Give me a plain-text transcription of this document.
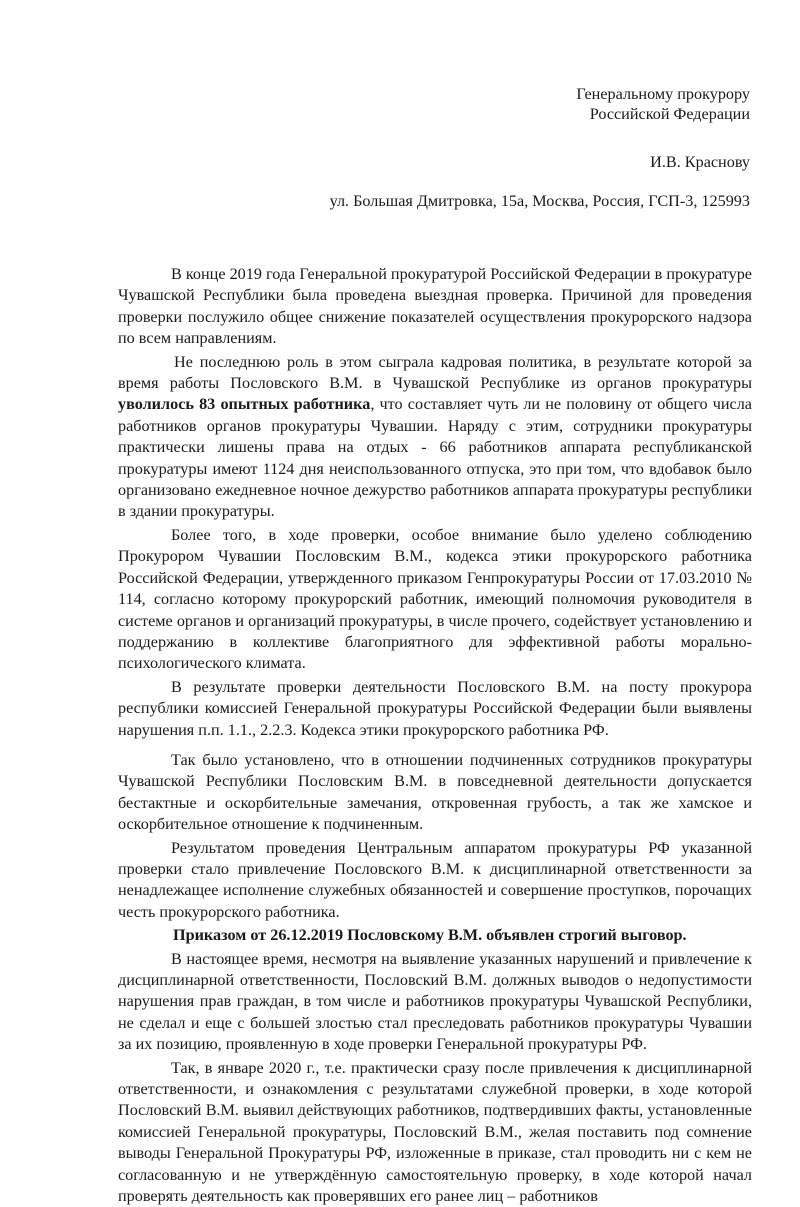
Генеральному прокурору
Российской Федерации
И.В. Краснову
ул. Большая Дмитровка, 15а, Москва, Россия, ГСП-3, 125993

В конце 2019 года Генеральной прокуратурой Российской Федерации в прокуратуре Чувашской Республики была проведена выездная проверка. Причиной для проведения проверки послужило общее снижение показателей осуществления прокурорского надзора по всем направлениям.

Не последнюю роль в этом сыграла кадровая политика, в результате которой за время работы Пословского В.М. в Чувашской Республике из органов прокуратуры уволилось 83 опытных работника, что составляет чуть ли не половину от общего числа работников органов прокуратуры Чувашии. Наряду с этим, сотрудники прокуратуры практически лишены права на отдых - 66 работников аппарата республиканской прокуратуры имеют 1124 дня неиспользованного отпуска, это при том, что вдобавок было организовано ежедневное ночное дежурство работников аппарата прокуратуры республики в здании прокуратуры.

Более того, в ходе проверки, особое внимание было уделено соблюдению Прокурором Чувашии Пословским В.М., кодекса этики прокурорского работника Российской Федерации, утвержденного приказом Генпрокуратуры России от 17.03.2010 № 114, согласно которому прокурорский работник, имеющий полномочия руководителя в системе органов и организаций прокуратуры, в числе прочего, содействует установлению и поддержанию в коллективе благоприятного для эффективной работы морально-психологического климата.

В результате проверки деятельности Пословского В.М. на посту прокурора республики комиссией Генеральной прокуратуры Российской Федерации были выявлены нарушения п.п. 1.1., 2.2.3. Кодекса этики прокурорского работника РФ.

Так было установлено, что в отношении подчиненных сотрудников прокуратуры Чувашской Республики Пословским В.М. в повседневной деятельности допускается бестактные и оскорбительные замечания, откровенная грубость, а так же хамское и оскорбительное отношение к подчиненным.

Результатом проведения Центральным аппаратом прокуратуры РФ указанной проверки стало привлечение Пословского В.М. к дисциплинарной ответственности за ненадлежащее исполнение служебных обязанностей и совершение проступков, порочащих честь прокурорского работника.

Приказом от 26.12.2019 Пословскому В.М. объявлен строгий выговор.

В настоящее время, несмотря на выявление указанных нарушений и привлечение к дисциплинарной ответственности, Пословский В.М. должных выводов о недопустимости нарушения прав граждан, в том числе и работников прокуратуры Чувашской Республики, не сделал и еще с большей злостью стал преследовать работников прокуратуры Чувашии за их позицию, проявленную в ходе проверки Генеральной прокуратуры РФ.

Так, в январе 2020 г., т.е. практически сразу после привлечения к дисциплинарной ответственности, и ознакомления с результатами служебной проверки, в ходе которой Пословский В.М. выявил действующих работников, подтвердивших факты, установленные комиссией Генеральной прокуратуры, Пословский В.М., желая поставить под сомнение выводы Генеральной Прокуратуры РФ, изложенные в приказе, стал проводить ни с кем не согласованную и не утверждённую самостоятельную проверку, в ходе которой начал проверять деятельность как проверявших его ранее лиц – работников
